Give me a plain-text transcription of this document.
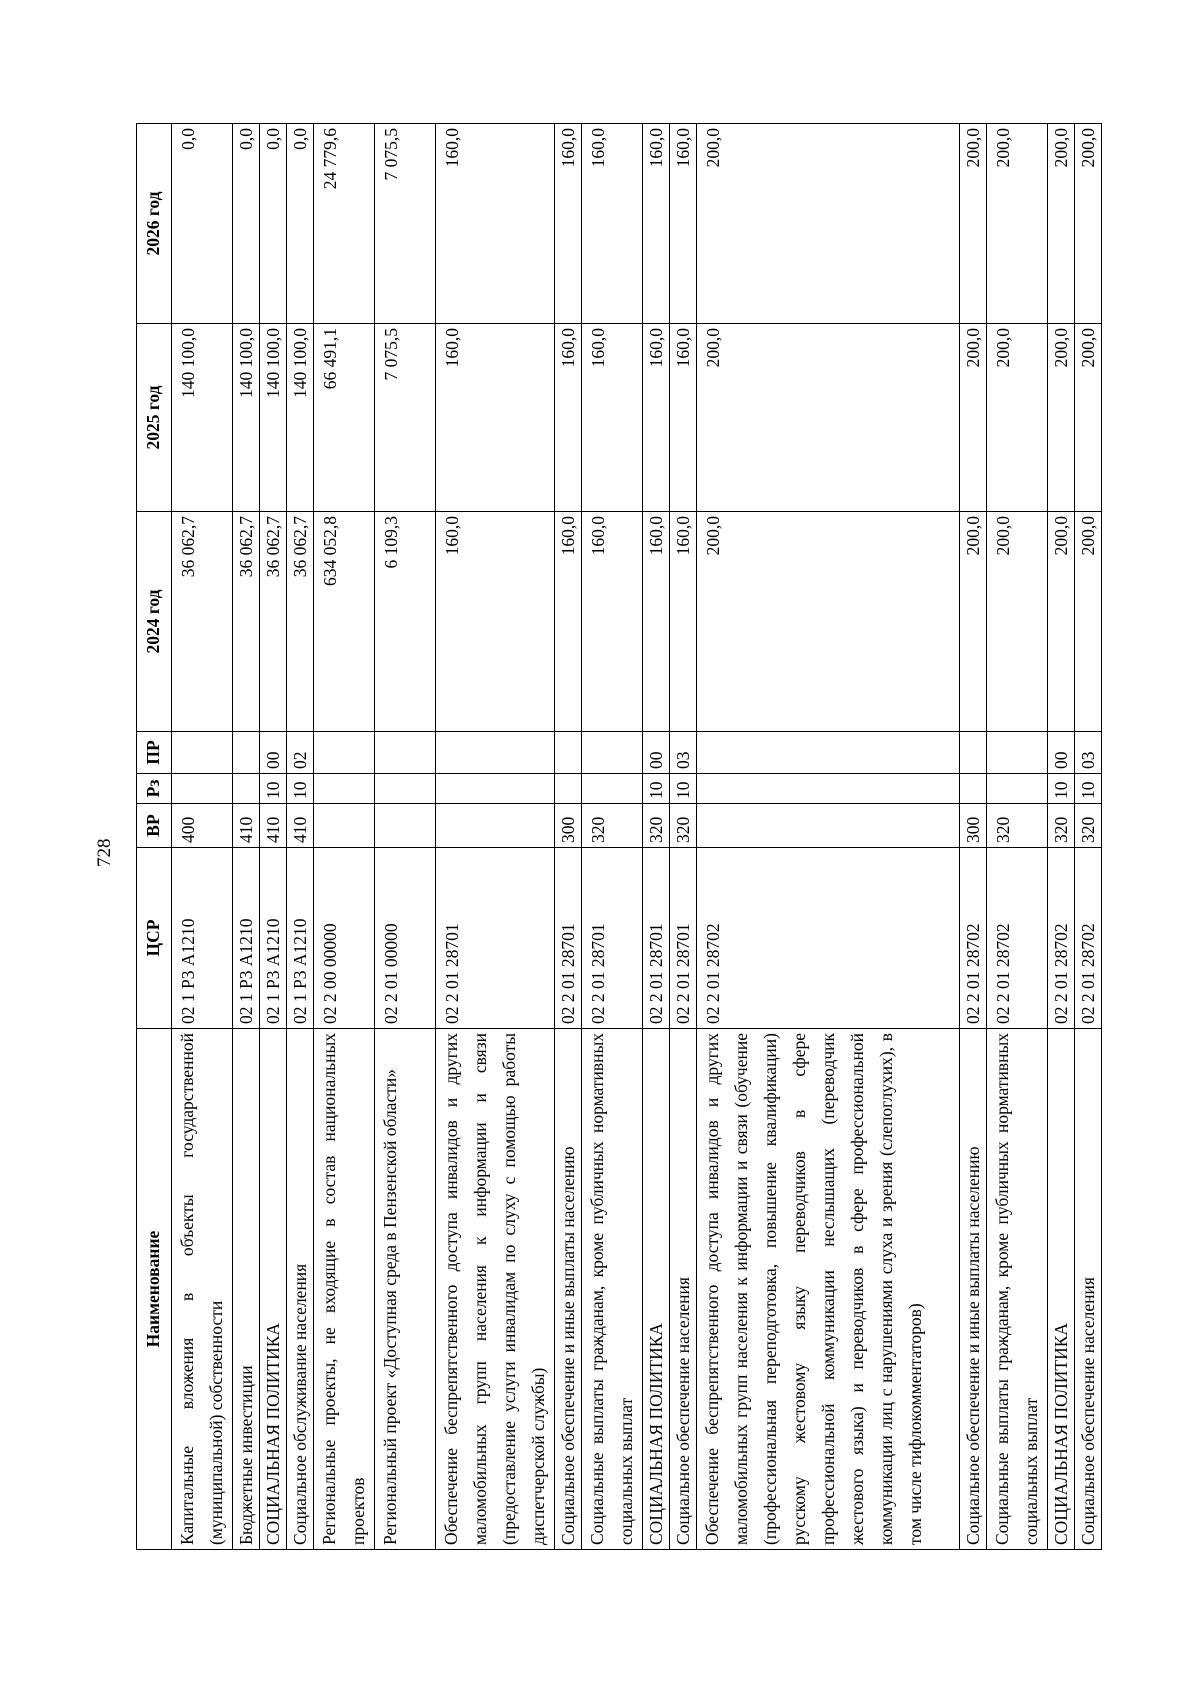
728
Наименование	ЦСР	ВР	Рз	ПР	2024 год	2025 год	2026 год
Капитальные вложения в объекты государственной (муниципальной) собственности	02 1 Р3 А1210	400			36 062,7	140 100,0	0,0
Бюджетные инвестиции	02 1 Р3 А1210	410			36 062,7	140 100,0	0,0
СОЦИАЛЬНАЯ ПОЛИТИКА	02 1 Р3 А1210	410	10	00	36 062,7	140 100,0	0,0
Социальное обслуживание населения	02 1 Р3 А1210	410	10	02	36 062,7	140 100,0	0,0
Региональные проекты, не входящие в состав национальных проектов	02 2 00 00000				634 052,8	66 491,1	24 779,6
Региональный проект «Доступная среда в Пензенской области»	02 2 01 00000				6 109,3	7 075,5	7 075,5
Обеспечение беспрепятственного доступа инвалидов и других маломобильных групп населения к информации и связи (предоставление услуги инвалидам по слуху с помощью работы диспетчерской службы)	02 2 01 28701				160,0	160,0	160,0
Социальное обеспечение и иные выплаты населению	02 2 01 28701	300			160,0	160,0	160,0
Социальные выплаты гражданам, кроме публичных нормативных социальных выплат	02 2 01 28701	320			160,0	160,0	160,0
СОЦИАЛЬНАЯ ПОЛИТИКА	02 2 01 28701	320	10	00	160,0	160,0	160,0
Социальное обеспечение населения	02 2 01 28701	320	10	03	160,0	160,0	160,0
Обеспечение беспрепятственного доступа инвалидов и других маломобильных групп населения к информации и связи (обучение (профессиональная переподготовка, повышение квалификации) русскому жестовому языку переводчиков в сфере профессиональной коммуникации неслышащих (переводчик жестового языка) и переводчиков в сфере профессиональной коммуникации лиц с нарушениями слуха и зрения (слепоглухих), в том числе тифлокомментаторов)	02 2 01 28702				200,0	200,0	200,0
Социальное обеспечение и иные выплаты населению	02 2 01 28702	300			200,0	200,0	200,0
Социальные выплаты гражданам, кроме публичных нормативных социальных выплат	02 2 01 28702	320			200,0	200,0	200,0
СОЦИАЛЬНАЯ ПОЛИТИКА	02 2 01 28702	320	10	00	200,0	200,0	200,0
Социальное обеспечение населения	02 2 01 28702	320	10	03	200,0	200,0	200,0
